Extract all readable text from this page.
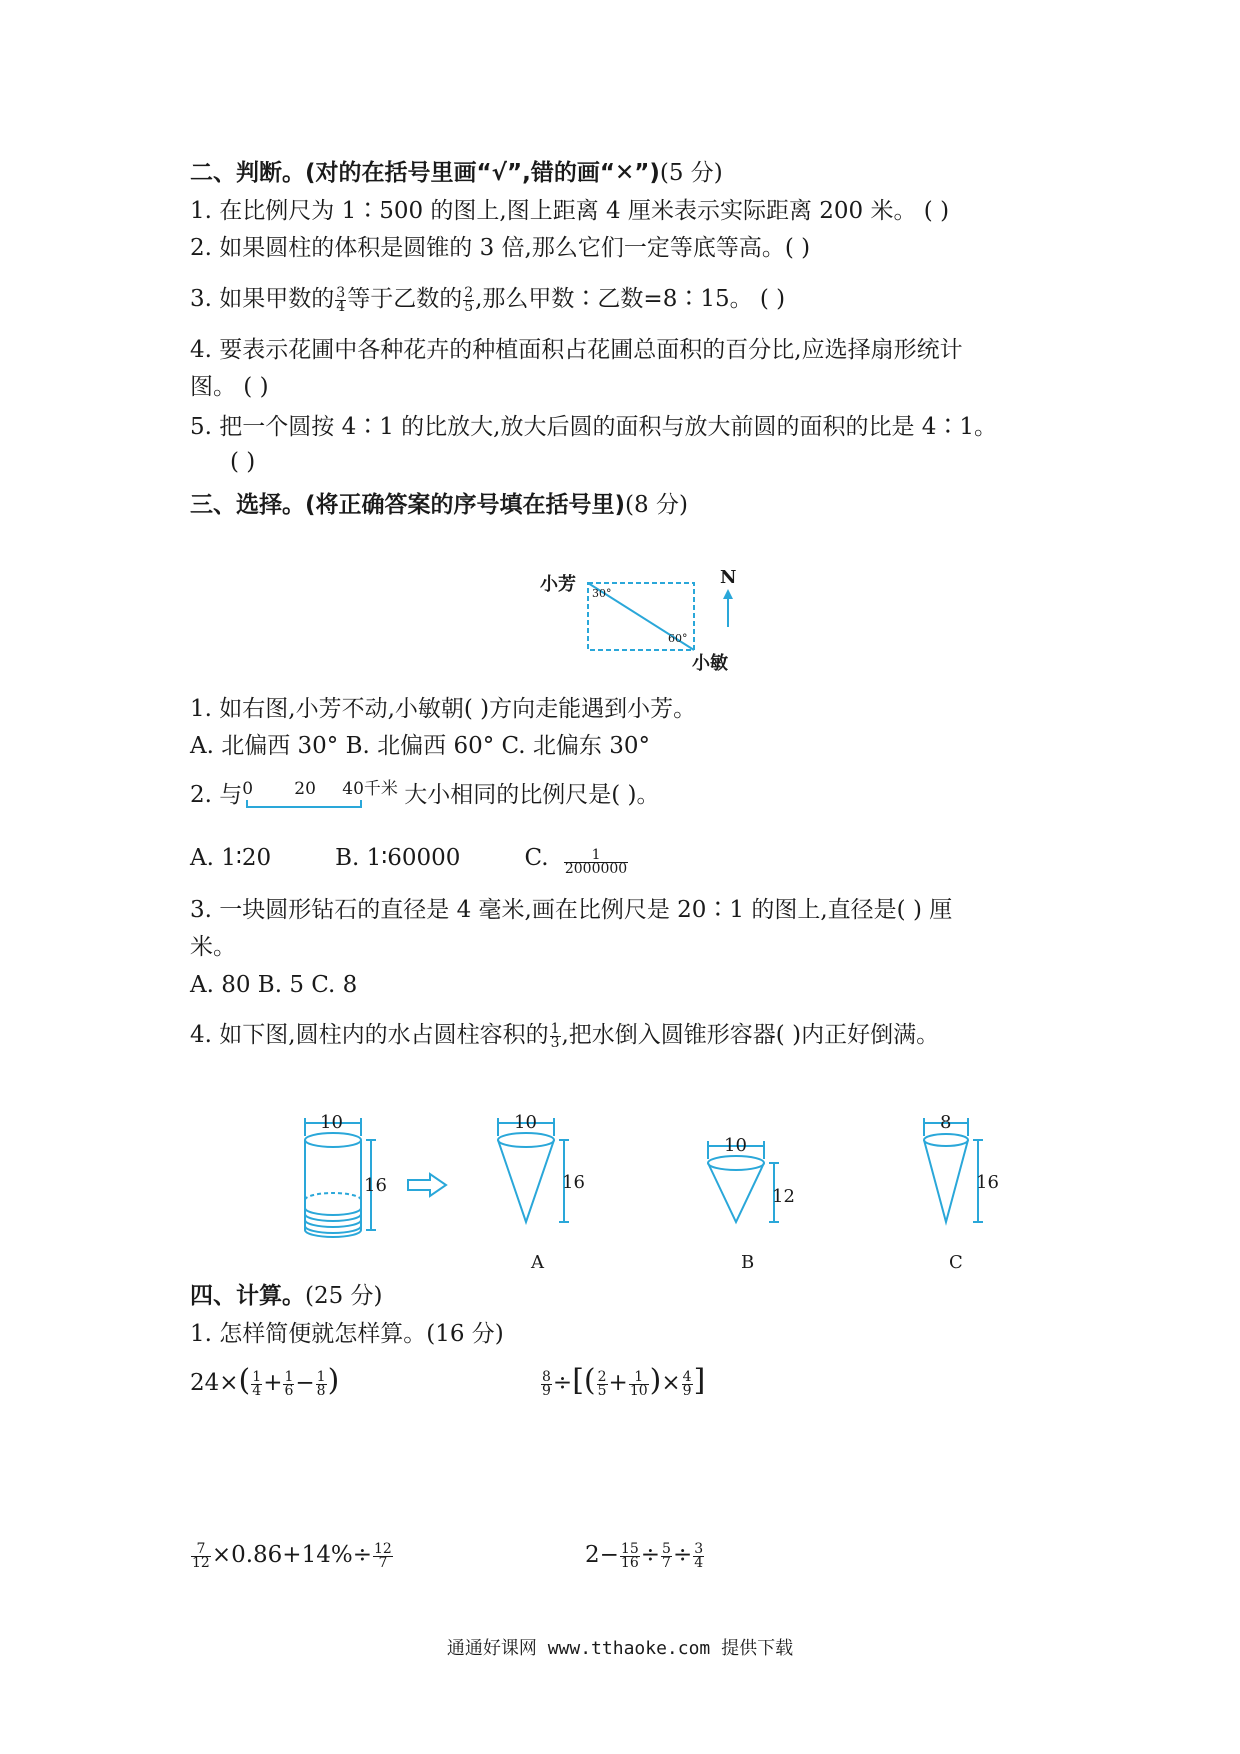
二、判断。(对的在括号里画“√”,错的画“✕”)(5 分)
1. 在比例尺为 1∶500 的图上,图上距离 4 厘米表示实际距离 200 米。 ( )
2. 如果圆柱的体积是圆锥的 3 倍,那么它们一定等底等高。( )
3. 如果甲数的 $\frac{3}{4}$ 等于乙数的 $\frac{2}{5}$ ,那么甲数∶乙数=8∶15。 ( )
4. 要表示花圃中各种花卉的种植面积占花圃总面积的百分比,应选择扇形统计
图。 ( )
5. 把一个圆按 4∶1 的比放大,放大后圆的面积与放大前圆的面积的比是 4∶1。
( )
三、选择。(将正确答案的序号填在括号里)(8 分)
小芳 30°
60°
小敏
N
1. 如右图,小芳不动,小敏朝( )方向走能遇到小芳。
A. 北偏西 30° B. 北偏西 60° C. 北偏东 30°
2. 与 0 20 40千米 大小相同的比例尺是( )。
A. 1∶20	B. 1∶60000	C. $\frac{1}{2000000}$
3. 一块圆形钻石的直径是 4 毫米,画在比例尺是 20∶1 的图上,直径是( ) 厘
米。
A. 80 B. 5 C. 8
4. 如下图,圆柱内的水占圆柱容积的 $\frac{1}{3}$ ,把水倒入圆锥形容器( )内正好倒满。
10
16
10
16
A
10
12
B
8
16
C
四、计算。(25 分)
1. 怎样简便就怎样算。(16 分)
$24\times( \frac{1}{4} + \frac{1}{6} - \frac{1}{8}$ )	$\frac{8}{9}$ ÷[( $\frac{2}{5} + \frac{1}{10}$ )× $\frac{4}{9}$ ]
$\frac{7}{12} \times 0.86+14\%\div \frac{12}{7}$	$2- \frac{15}{16} \div \frac{5}{7} \div \frac{3}{4}$
通通好课网 www.tthaoke.com 提供下载
